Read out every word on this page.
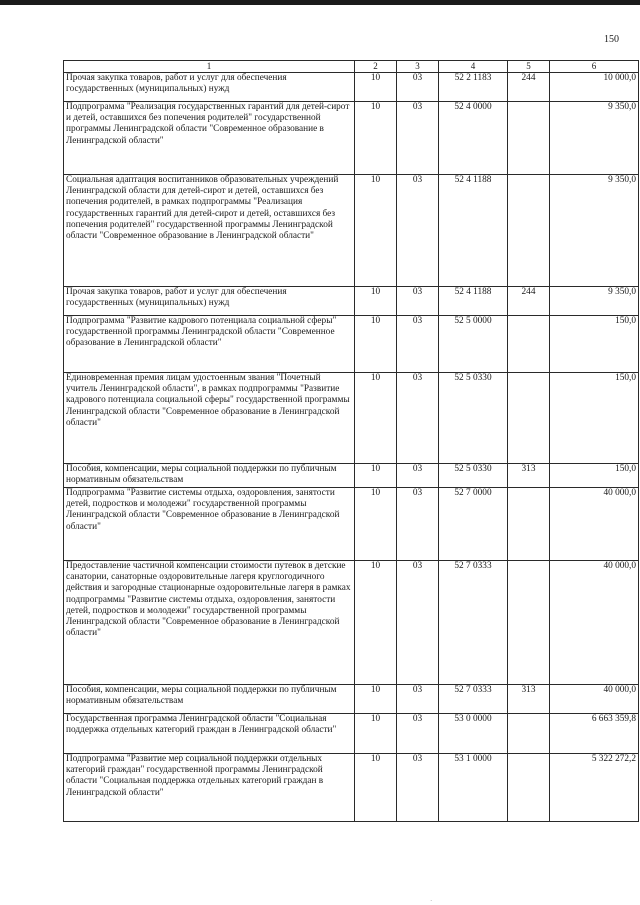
150
1	2	3	4	5	6
Прочая закупка товаров, работ и услуг для обеспечения государственных (муниципальных) нужд	10	03	52 2 1183	244	10 000,0
Подпрограмма "Реализация государственных гарантий для детей-сирот и детей, оставшихся без попечения родителей" государственной программы Ленинградской области "Современное образование в Ленинградской области"	10	03	52 4 0000		9 350,0
Социальная адаптация воспитанников образовательных учреждений Ленинградской области для детей-сирот и детей, оставшихся без попечения родителей, в рамках подпрограммы "Реализация государственных гарантий для детей-сирот и детей, оставшихся без попечения родителей" государственной программы Ленинградской области "Современное образование в Ленинградской области"	10	03	52 4 1188		9 350,0
Прочая закупка товаров, работ и услуг для обеспечения государственных (муниципальных) нужд	10	03	52 4 1188	244	9 350,0
Подпрограмма "Развитие кадрового потенциала социальной сферы" государственной программы Ленинградской области "Современное образование в Ленинградской области"	10	03	52 5 0000		150,0
Единовременная премия лицам удостоенным звания "Почетный учитель Ленинградской области", в рамках подпрограммы "Развитие кадрового потенциала социальной сферы" государственной программы Ленинградской области "Современное образование в Ленинградской области"	10	03	52 5 0330		150,0
Пособия, компенсации, меры социальной поддержки по публичным нормативным обязательствам	10	03	52 5 0330	313	150,0
Подпрограмма "Развитие системы отдыха, оздоровления, занятости детей, подростков и молодежи" государственной программы Ленинградской области "Современное образование в Ленинградской области"	10	03	52 7 0000		40 000,0
Предоставление частичной компенсации стоимости путевок в детские санатории, санаторные оздоровительные лагеря круглогодичного действия и загородные стационарные оздоровительные лагеря в рамках подпрограммы "Развитие системы отдыха, оздоровления, занятости детей, подростков и молодежи" государственной программы Ленинградской области "Современное образование в Ленинградской области"	10	03	52 7 0333		40 000,0
Пособия, компенсации, меры социальной поддержки по публичным нормативным обязательствам	10	03	52 7 0333	313	40 000,0
Государственная программа Ленинградской области "Социальная поддержка отдельных категорий граждан в Ленинградской области"	10	03	53 0 0000		6 663 359,8
Подпрограмма "Развитие мер социальной поддержки отдельных категорий граждан" государственной программы Ленинградской области "Социальная поддержка отдельных категорий граждан в Ленинградской области"	10	03	53 1 0000		5 322 272,2
·
